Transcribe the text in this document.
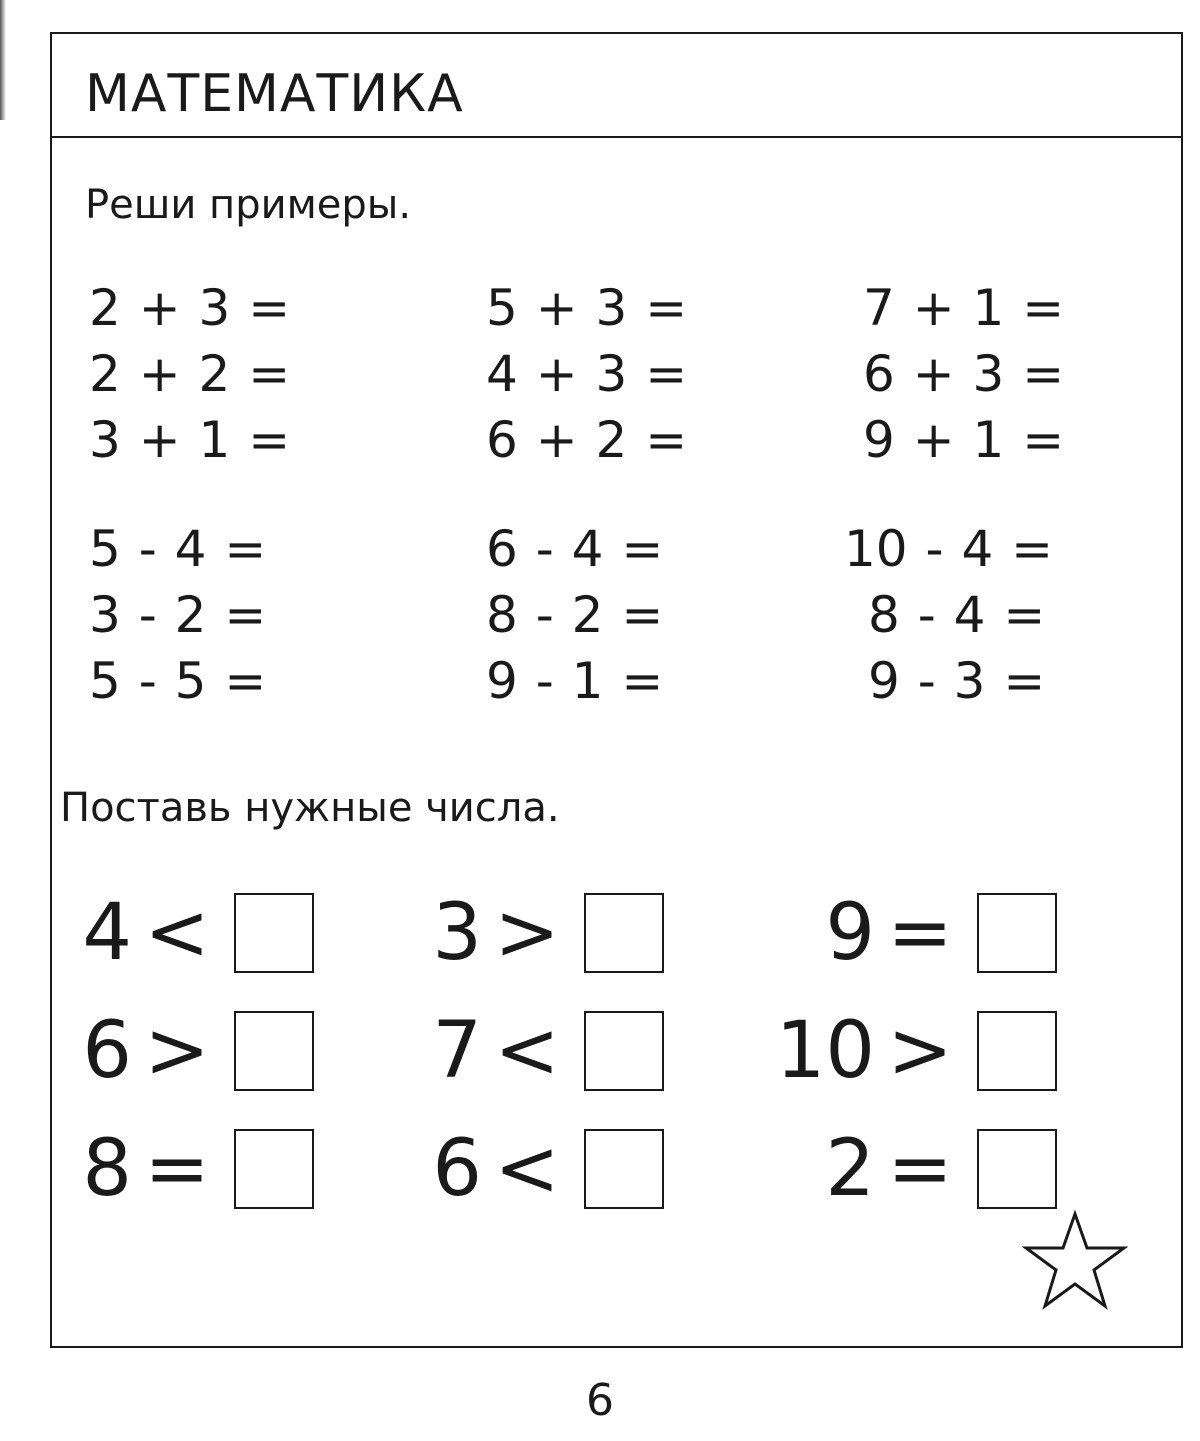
МАТЕМАТИКА
Реши примеры.
2 + 3 =
2 + 2 =
3 + 1 =
5 + 3 =
4 + 3 =
6 + 2 =
7 + 1 =
6 + 3 =
9 + 1 =
5 - 4 =
3 - 2 =
5 - 5 =
6 - 4 =
8 - 2 =
9 - 1 =
10 - 4 =
8 - 4 =
9 - 3 =
Поставь нужные числа.
4 <
6 >
8 =
3 >
7 <
6 <
9 =
10 >
2 =
6
